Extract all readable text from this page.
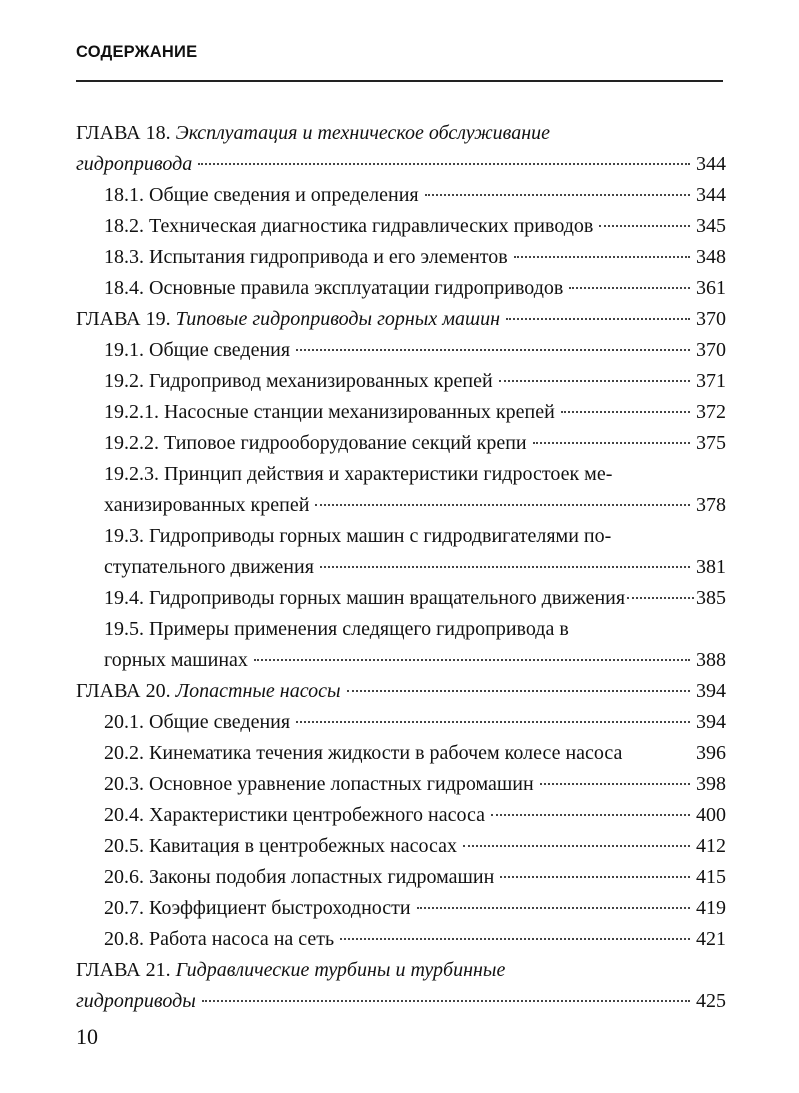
СОДЕРЖАНИЕ
ГЛАВА 18. Эксплуатация и техническое обслуживание
гидропривода	344
18.1. Общие сведения и определения	344
18.2. Техническая диагностика гидравлических приводов	345
18.3. Испытания гидропривода и его элементов	348
18.4. Основные правила эксплуатации гидроприводов	361
ГЛАВА 19. Типовые гидроприводы горных машин	370
19.1. Общие сведения	370
19.2. Гидропривод механизированных крепей	371
19.2.1. Насосные станции механизированных крепей	372
19.2.2. Типовое гидрооборудование секций крепи	375
19.2.3. Принцип действия и характеристики гидростоек ме-
ханизированных крепей	378
19.3. Гидроприводы горных машин с гидродвигателями по-
ступательного движения	381
19.4. Гидроприводы горных машин вращательного движения	385
19.5. Примеры применения следящего гидропривода в
горных машинах	388
ГЛАВА 20. Лопастные насосы	394
20.1. Общие сведения	394
20.2. Кинематика течения жидкости в рабочем колесе насоса	396
20.3. Основное уравнение лопастных гидромашин	398
20.4. Характеристики центробежного насоса	400
20.5. Кавитация в центробежных насосах	412
20.6. Законы подобия лопастных гидромашин	415
20.7. Коэффициент быстроходности	419
20.8. Работа насоса на сеть	421
ГЛАВА 21. Гидравлические турбины и турбинные
гидроприводы	425
10
